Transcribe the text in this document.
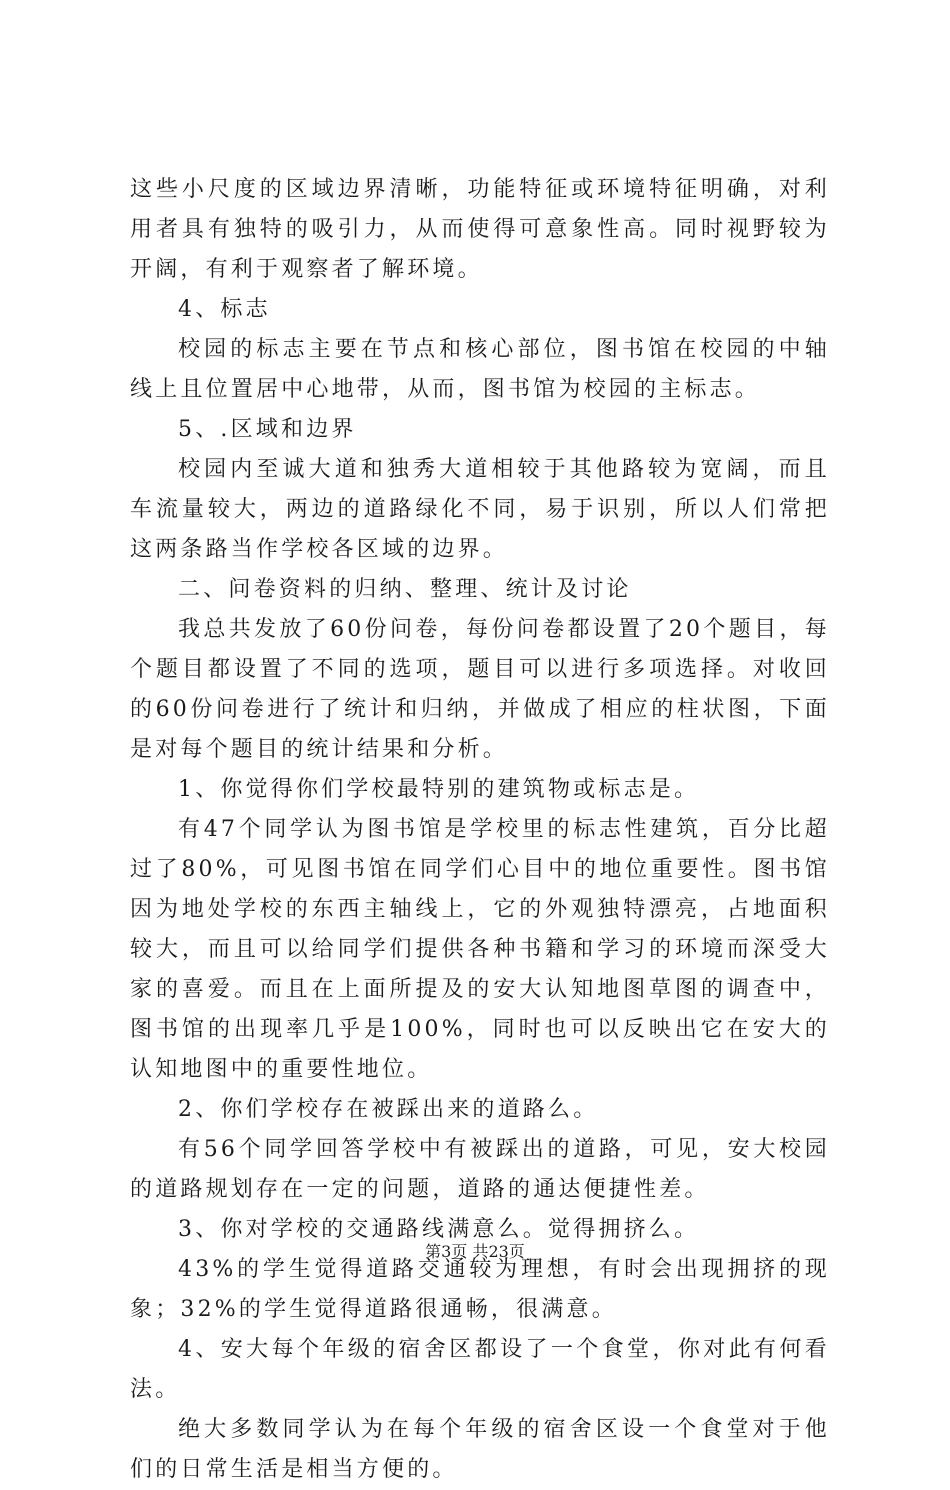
这些小尺度的区域边界清晰，功能特征或环境特征明确，对利用者具有独特的吸引力，从而使得可意象性高。同时视野较为开阔，有利于观察者了解环境。

4、标志

校园的标志主要在节点和核心部位，图书馆在校园的中轴线上且位置居中心地带，从而，图书馆为校园的主标志。

5、.区域和边界

校园内至诚大道和独秀大道相较于其他路较为宽阔，而且车流量较大，两边的道路绿化不同，易于识别，所以人们常把这两条路当作学校各区域的边界。

二、问卷资料的归纳、整理、统计及讨论

我总共发放了60份问卷，每份问卷都设置了20个题目，每个题目都设置了不同的选项，题目可以进行多项选择。对收回的60份问卷进行了统计和归纳，并做成了相应的柱状图，下面是对每个题目的统计结果和分析。

1、你觉得你们学校最特别的建筑物或标志是。

有47个同学认为图书馆是学校里的标志性建筑，百分比超过了80%，可见图书馆在同学们心目中的地位重要性。图书馆因为地处学校的东西主轴线上，它的外观独特漂亮，占地面积较大，而且可以给同学们提供各种书籍和学习的环境而深受大家的喜爱。而且在上面所提及的安大认知地图草图的调查中，图书馆的出现率几乎是100%，同时也可以反映出它在安大的认知地图中的重要性地位。

2、你们学校存在被踩出来的道路么。

有56个同学回答学校中有被踩出的道路，可见，安大校园的道路规划存在一定的问题，道路的通达便捷性差。

3、你对学校的交通路线满意么。觉得拥挤么。

43%的学生觉得道路交通较为理想，有时会出现拥挤的现象；32%的学生觉得道路很通畅，很满意。

4、安大每个年级的宿舍区都设了一个食堂，你对此有何看法。

绝大多数同学认为在每个年级的宿舍区设一个食堂对于他们的日常生活是相当方便的。

第3页 共23页
